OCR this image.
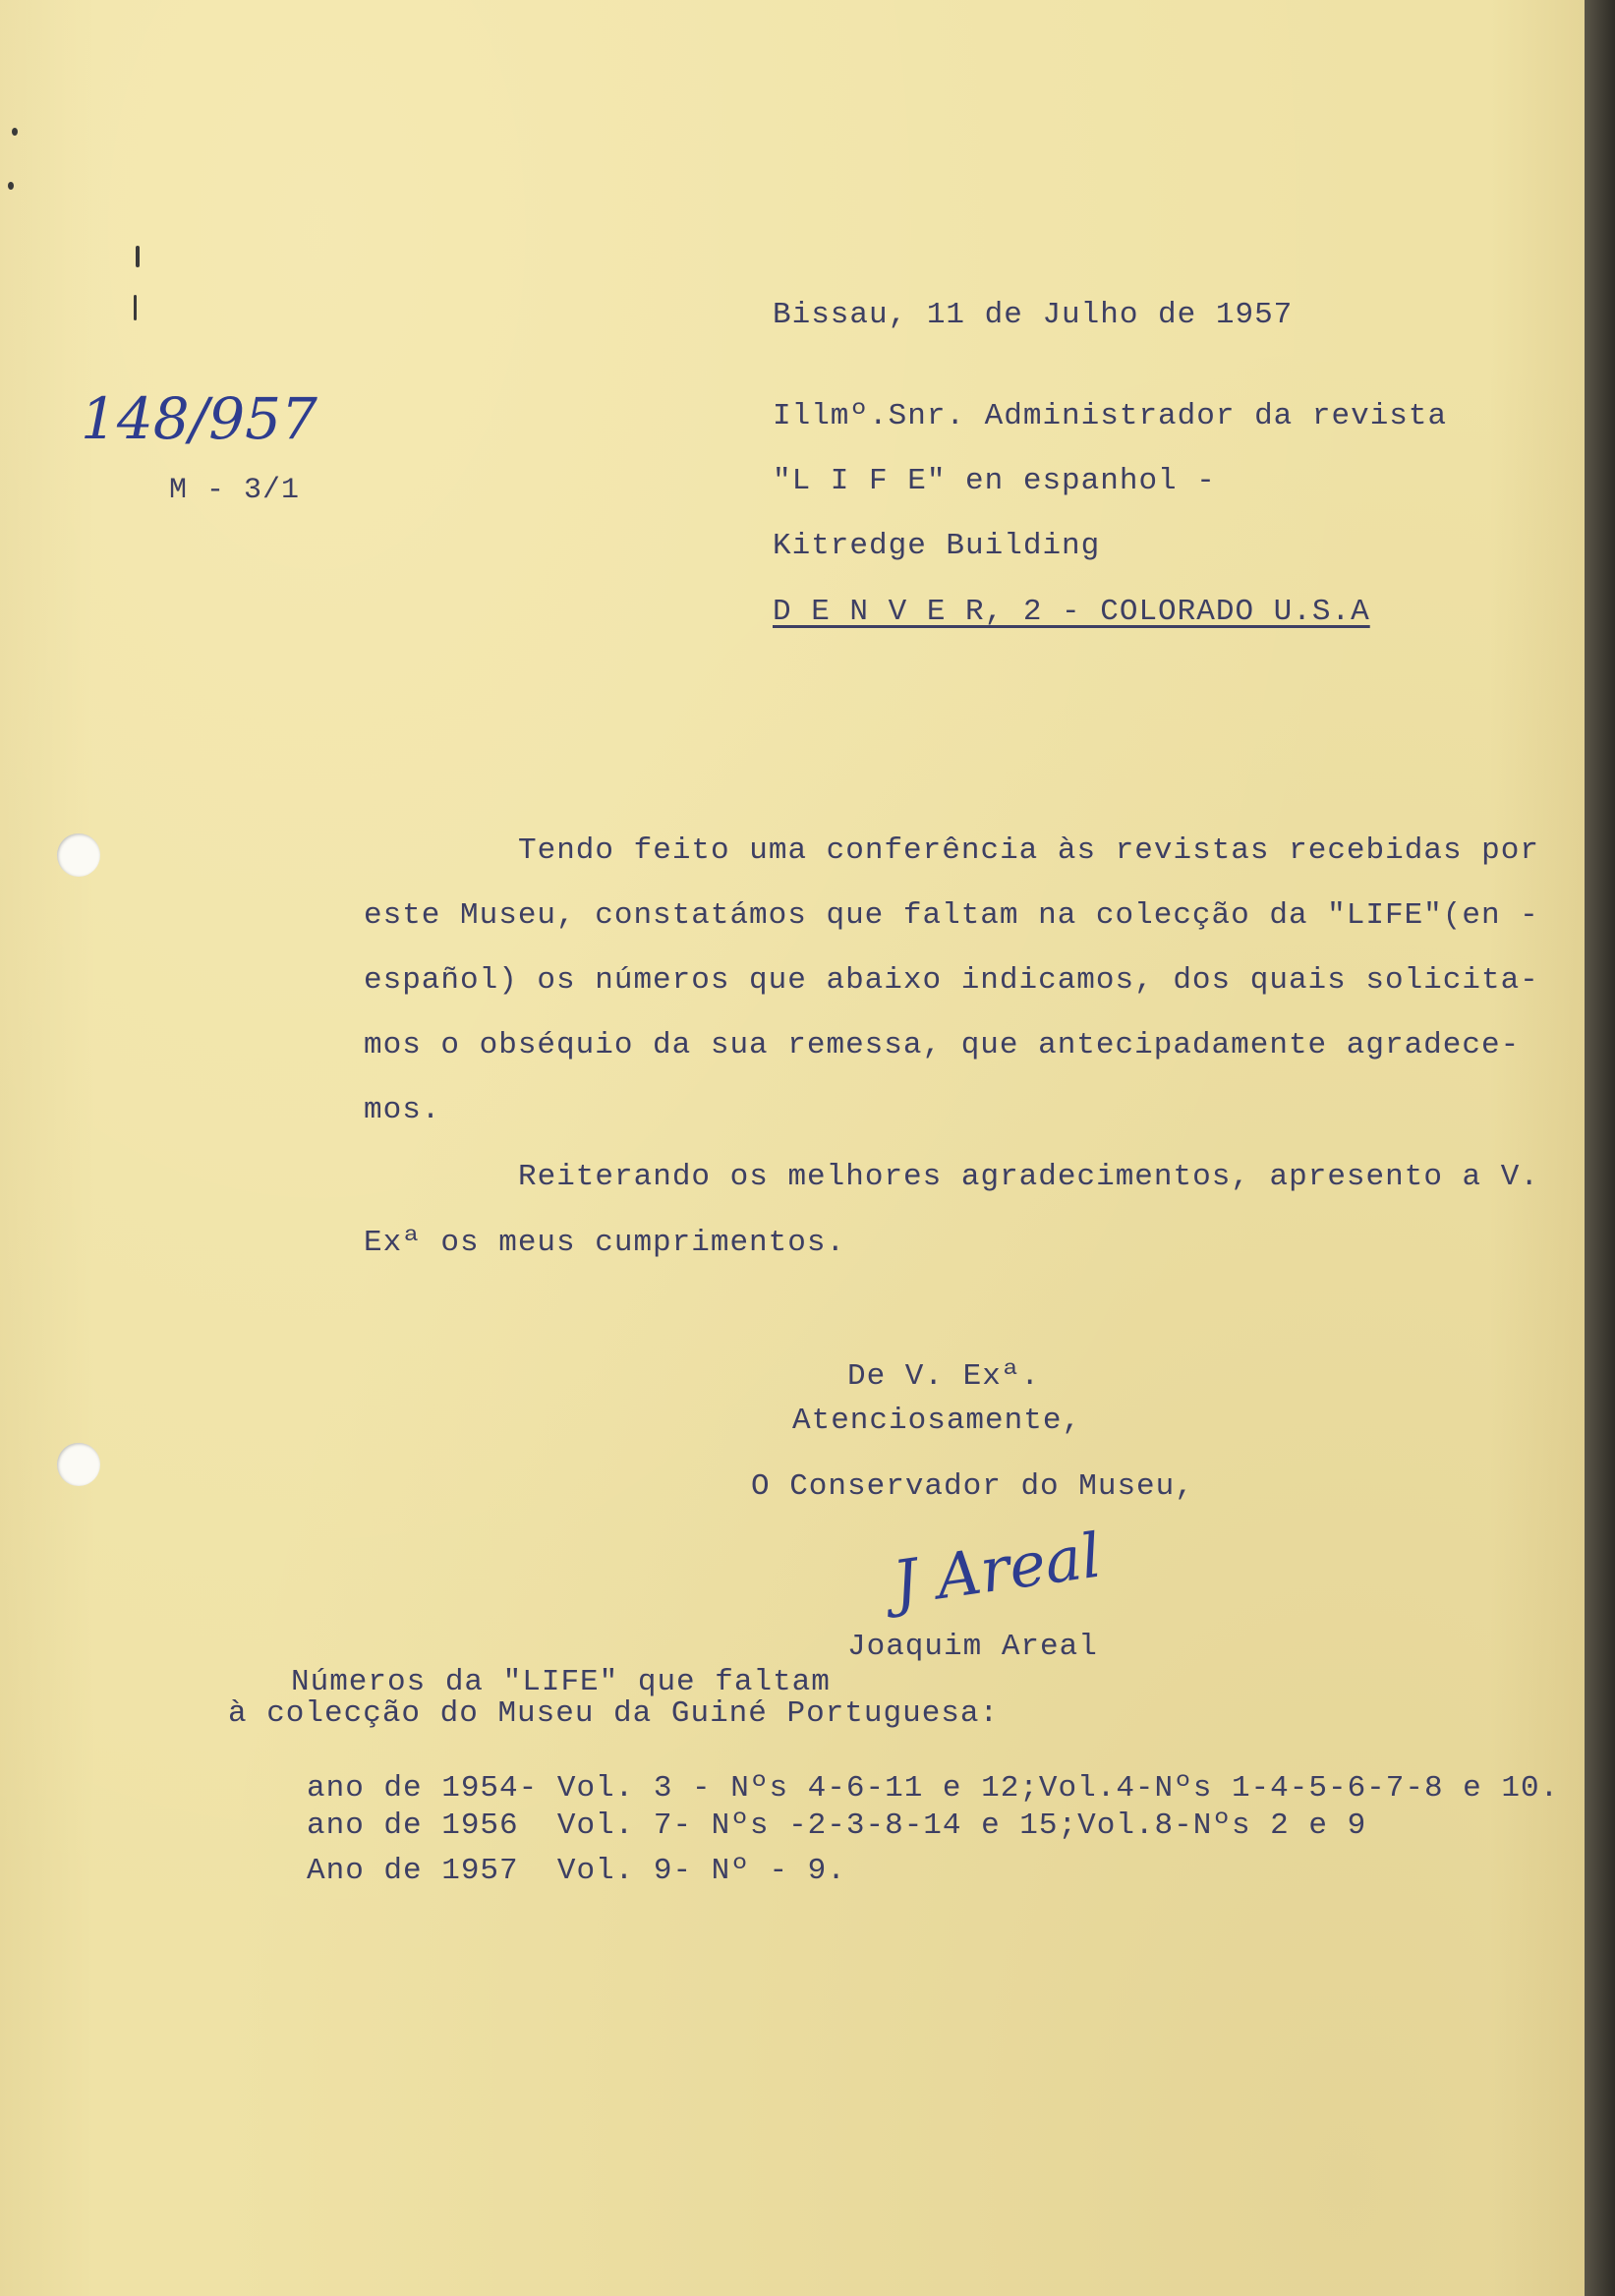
148/957
M - 3/1
Bissau, 11 de Julho de 1957
Illmº.Snr. Administrador da revista
"L I F E" en espanhol -
Kitredge Building
D E N V E R, 2 - COLORADO U.S.A
Tendo feito uma conferência às revistas recebidas por
este Museu, constatámos que faltam na colecção da "LIFE"(en -
español) os números que abaixo indicamos, dos quais solicita-
mos o obséquio da sua remessa, que antecipadamente agradece-
mos.
Reiterando os melhores agradecimentos, apresento a V.
Exª os meus cumprimentos.
De V. Exª.
Atenciosamente,
O Conservador do Museu,
J Areal
Joaquim Areal
Números da "LIFE" que faltam
à colecção do Museu da Guiné Portuguesa:
ano de 1954- Vol. 3 - Nºs 4-6-11 e 12;Vol.4-Nºs 1-4-5-6-7-8 e 10.
ano de 1956  Vol. 7- Nºs -2-3-8-14 e 15;Vol.8-Nºs 2 e 9
Ano de 1957  Vol. 9- Nº - 9.
